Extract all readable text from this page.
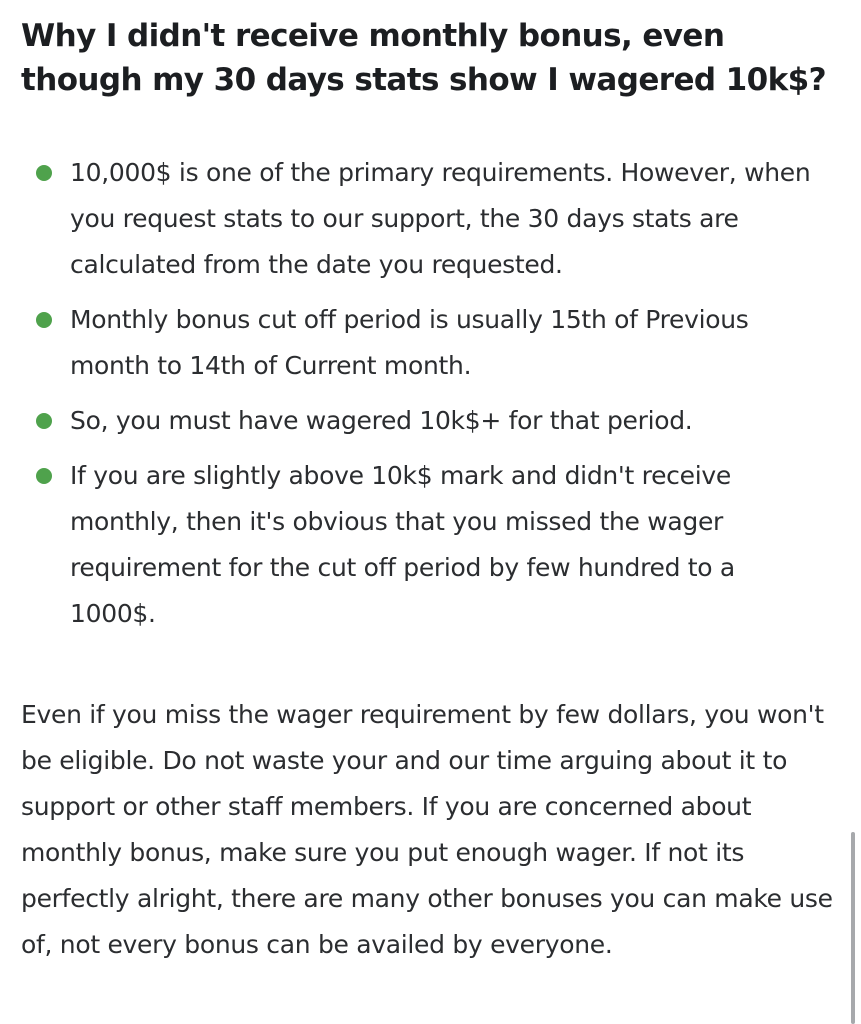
Why I didn't receive monthly bonus, even though my 30 days stats show I wagered 10k$?
10,000$ is one of the primary requirements. However, when you request stats to our support, the 30 days stats are calculated from the date you requested.
Monthly bonus cut off period is usually 15th of Previous month to 14th of Current month.
So, you must have wagered 10k$+ for that period.
If you are slightly above 10k$ mark and didn't receive monthly, then it's obvious that you missed the wager requirement for the cut off period by few hundred to a 1000$.

Even if you miss the wager requirement by few dollars, you won't be eligible. Do not waste your and our time arguing about it to support or other staff members. If you are concerned about monthly bonus, make sure you put enough wager. If not its perfectly alright, there are many other bonuses you can make use of, not every bonus can be availed by everyone.
